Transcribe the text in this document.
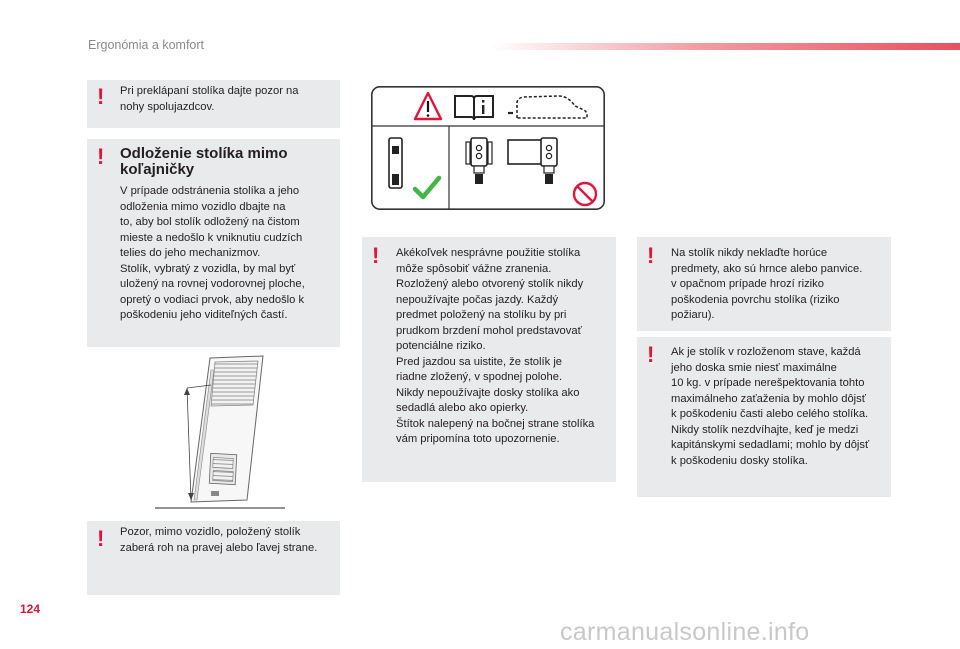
Ergonómia a komfort
! Pri preklápaní stolíka dajte pozor na nohy spolujazdcov.
! Odloženie stolíka mimo
koľajničky
V prípade odstránenia stolíka a jeho
odloženia mimo vozidlo dbajte na
to, aby bol stolík odložený na čistom
mieste a nedošlo k vniknutiu cudzích
telies do jeho mechanizmov.
Stolík, vybratý z vozidla, by mal byť
uložený na rovnej vodorovnej ploche,
opretý o vodiaci prvok, aby nedošlo k
poškodeniu jeho viditeľných častí.
! Pozor, mimo vozidlo, položený stolík
zaberá roh na pravej alebo ľavej strane.
! Akékoľvek nesprávne použitie stolíka
môže spôsobiť vážne zranenia.
Rozložený alebo otvorený stolík nikdy
nepoužívajte počas jazdy. Každý
predmet položený na stolíku by pri
prudkom brzdení mohol predstavovať
potenciálne riziko.
Pred jazdou sa uistite, že stolík je
riadne zložený, v spodnej polohe.
Nikdy nepoužívajte dosky stolíka ako
sedadlá alebo ako opierky.
Štítok nalepený na bočnej strane stolíka
vám pripomína toto upozornenie.
! Na stolík nikdy neklaďte horúce
predmety, ako sú hrnce alebo panvice.
v opačnom prípade hrozí riziko
poškodenia povrchu stolíka (riziko
požiaru).
! Ak je stolík v rozloženom stave, každá
jeho doska smie niesť maximálne
10 kg. v prípade nerešpektovania tohto
maximálneho zaťaženia by mohlo dôjsť
k poškodeniu časti alebo celého stolíka.
Nikdy stolík nezdvíhajte, keď je medzi
kapitánskymi sedadlami; mohlo by dôjsť
k poškodeniu dosky stolíka.
124
carmanualsonline.info
